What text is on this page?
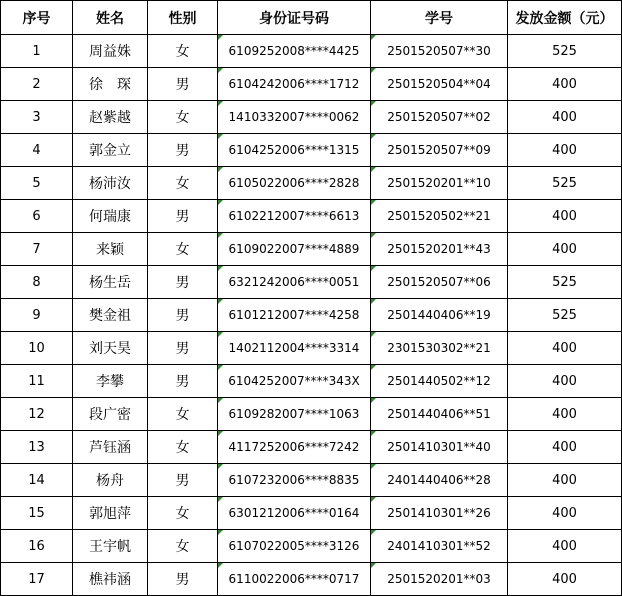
序号	姓名	性别	身份证号码	学号	发放金额（元）
1	周益姝	女	6109252008****4425	2501520507**30	525
2	徐　琛	男	6104242006****1712	2501520504**04	400
3	赵紫越	女	1410332007****0062	2501520507**02	400
4	郭金立	男	6104252006****1315	2501520507**09	400
5	杨沛汝	女	6105022006****2828	2501520201**10	525
6	何瑞康	男	6102212007****6613	2501520502**21	400
7	来颖	女	6109022007****4889	2501520201**43	400
8	杨生岳	男	6321242006****0051	2501520507**06	525
9	樊金祖	男	6101212007****4258	2501440406**19	525
10	刘天昊	男	1402112004****3314	2301530302**21	400
11	李攀	男	6104252007****343X	2501440502**12	400
12	段广密	女	6109282007****1063	2501440406**51	400
13	芦钰涵	女	4117252006****7242	2501410301**40	400
14	杨舟	男	6107232006****8835	2401440406**28	400
15	郭旭萍	女	6301212006****0164	2501410301**26	400
16	王宇帆	女	6107022005****3126	2401410301**52	400
17	樵祎涵	男	6110022006****0717	2501520201**03	400
